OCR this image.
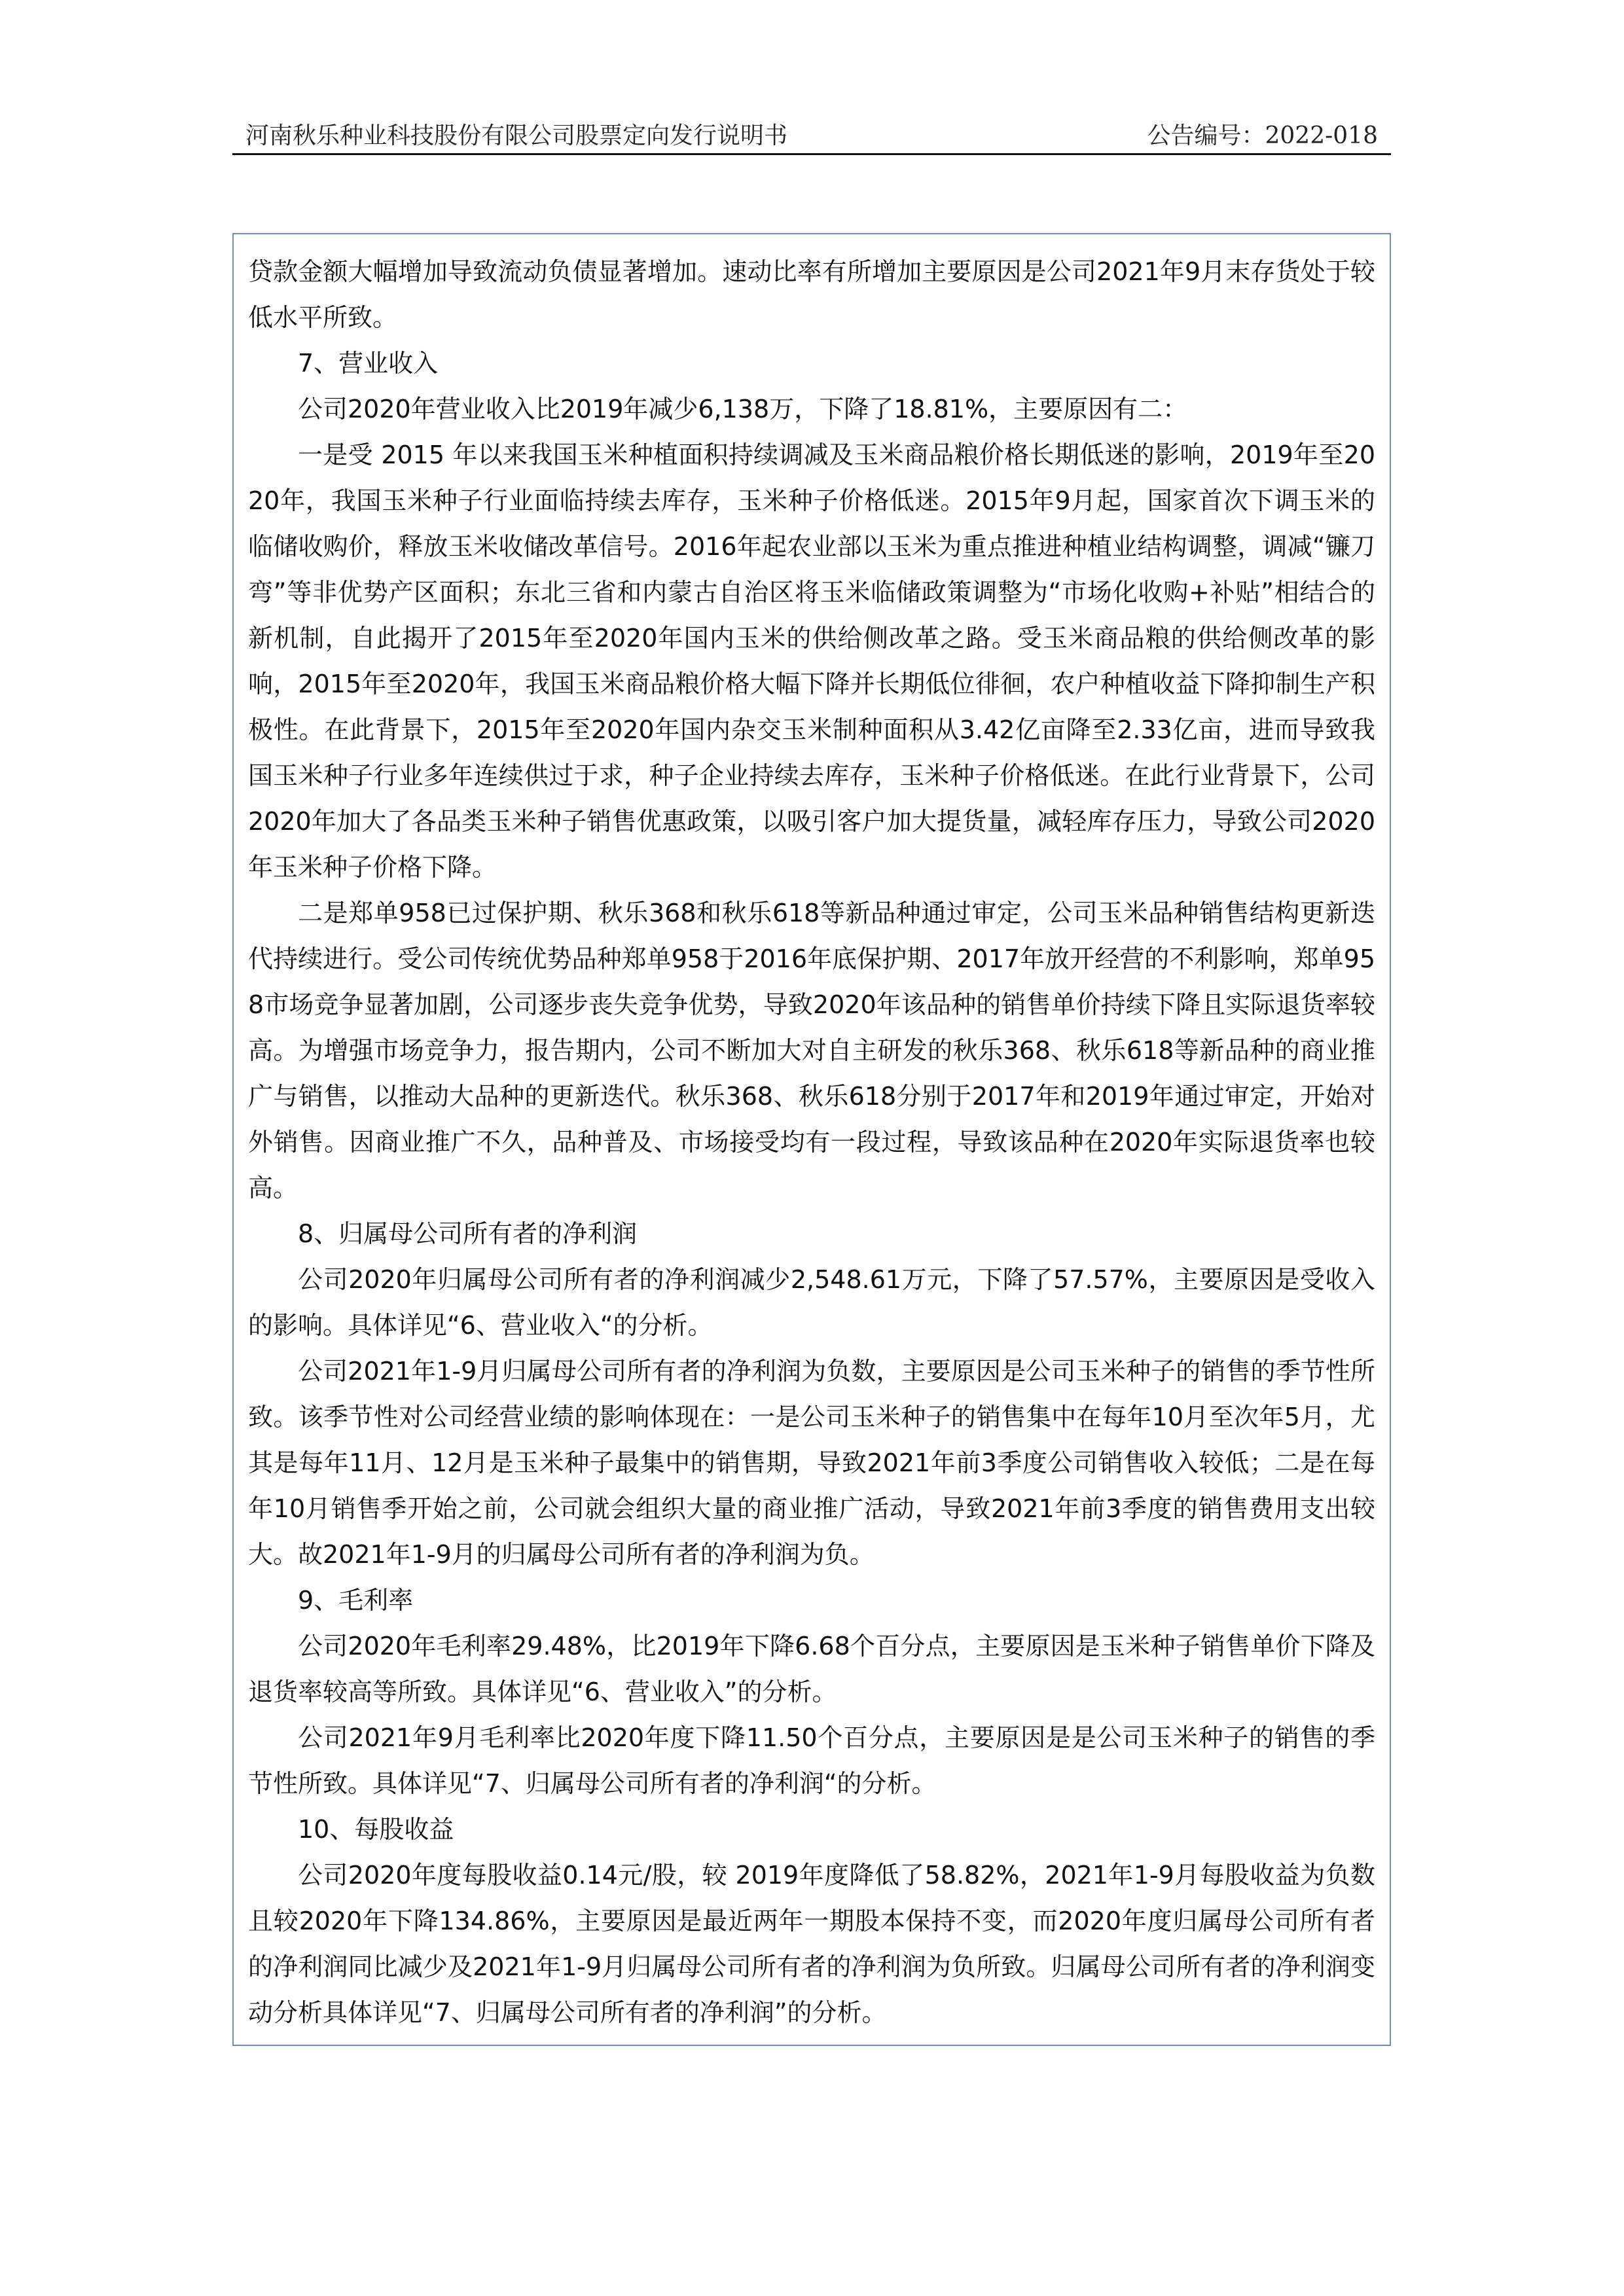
河南秋乐种业科技股份有限公司股票定向发行说明书	公告编号：2022-018

贷款金额大幅增加导致流动负债显著增加。速动比率有所增加主要原因是公司2021年9月末存货处于较低水平所致。

7、营业收入

公司2020年营业收入比2019年减少6,138万，下降了18.81%，主要原因有二：

一是受 2015 年以来我国玉米种植面积持续调减及玉米商品粮价格长期低迷的影响，2019年至2020年，我国玉米种子行业面临持续去库存，玉米种子价格低迷。2015年9月起，国家首次下调玉米的临储收购价，释放玉米收储改革信号。2016年起农业部以玉米为重点推进种植业结构调整，调减“镰刀弯”等非优势产区面积；东北三省和内蒙古自治区将玉米临储政策调整为“市场化收购+补贴”相结合的新机制，自此揭开了2015年至2020年国内玉米的供给侧改革之路。受玉米商品粮的供给侧改革的影响，2015年至2020年，我国玉米商品粮价格大幅下降并长期低位徘徊，农户种植收益下降抑制生产积极性。在此背景下，2015年至2020年国内杂交玉米制种面积从3.42亿亩降至2.33亿亩，进而导致我国玉米种子行业多年连续供过于求，种子企业持续去库存，玉米种子价格低迷。在此行业背景下，公司2020年加大了各品类玉米种子销售优惠政策，以吸引客户加大提货量，减轻库存压力，导致公司2020年玉米种子价格下降。

二是郑单958已过保护期、秋乐368和秋乐618等新品种通过审定，公司玉米品种销售结构更新迭代持续进行。受公司传统优势品种郑单958于2016年底保护期、2017年放开经营的不利影响，郑单958市场竞争显著加剧，公司逐步丧失竞争优势，导致2020年该品种的销售单价持续下降且实际退货率较高。为增强市场竞争力，报告期内，公司不断加大对自主研发的秋乐368、秋乐618等新品种的商业推广与销售，以推动大品种的更新迭代。秋乐368、秋乐618分别于2017年和2019年通过审定，开始对外销售。因商业推广不久，品种普及、市场接受均有一段过程，导致该品种在2020年实际退货率也较高。

8、归属母公司所有者的净利润

公司2020年归属母公司所有者的净利润减少2,548.61万元，下降了57.57%，主要原因是受收入的影响。具体详见“6、营业收入“的分析。

公司2021年1-9月归属母公司所有者的净利润为负数，主要原因是公司玉米种子的销售的季节性所致。该季节性对公司经营业绩的影响体现在：一是公司玉米种子的销售集中在每年10月至次年5月，尤其是每年11月、12月是玉米种子最集中的销售期，导致2021年前3季度公司销售收入较低；二是在每年10月销售季开始之前，公司就会组织大量的商业推广活动，导致2021年前3季度的销售费用支出较大。故2021年1-9月的归属母公司所有者的净利润为负。

9、毛利率

公司2020年毛利率29.48%，比2019年下降6.68个百分点，主要原因是玉米种子销售单价下降及退货率较高等所致。具体详见“6、营业收入”的分析。

公司2021年9月毛利率比2020年度下降11.50个百分点，主要原因是是公司玉米种子的销售的季节性所致。具体详见“7、归属母公司所有者的净利润“的分析。

10、每股收益

公司2020年度每股收益0.14元/股，较 2019年度降低了58.82%，2021年1-9月每股收益为负数且较2020年下降134.86%，主要原因是最近两年一期股本保持不变，而2020年度归属母公司所有者的净利润同比减少及2021年1-9月归属母公司所有者的净利润为负所致。归属母公司所有者的净利润变动分析具体详见“7、归属母公司所有者的净利润”的分析。
